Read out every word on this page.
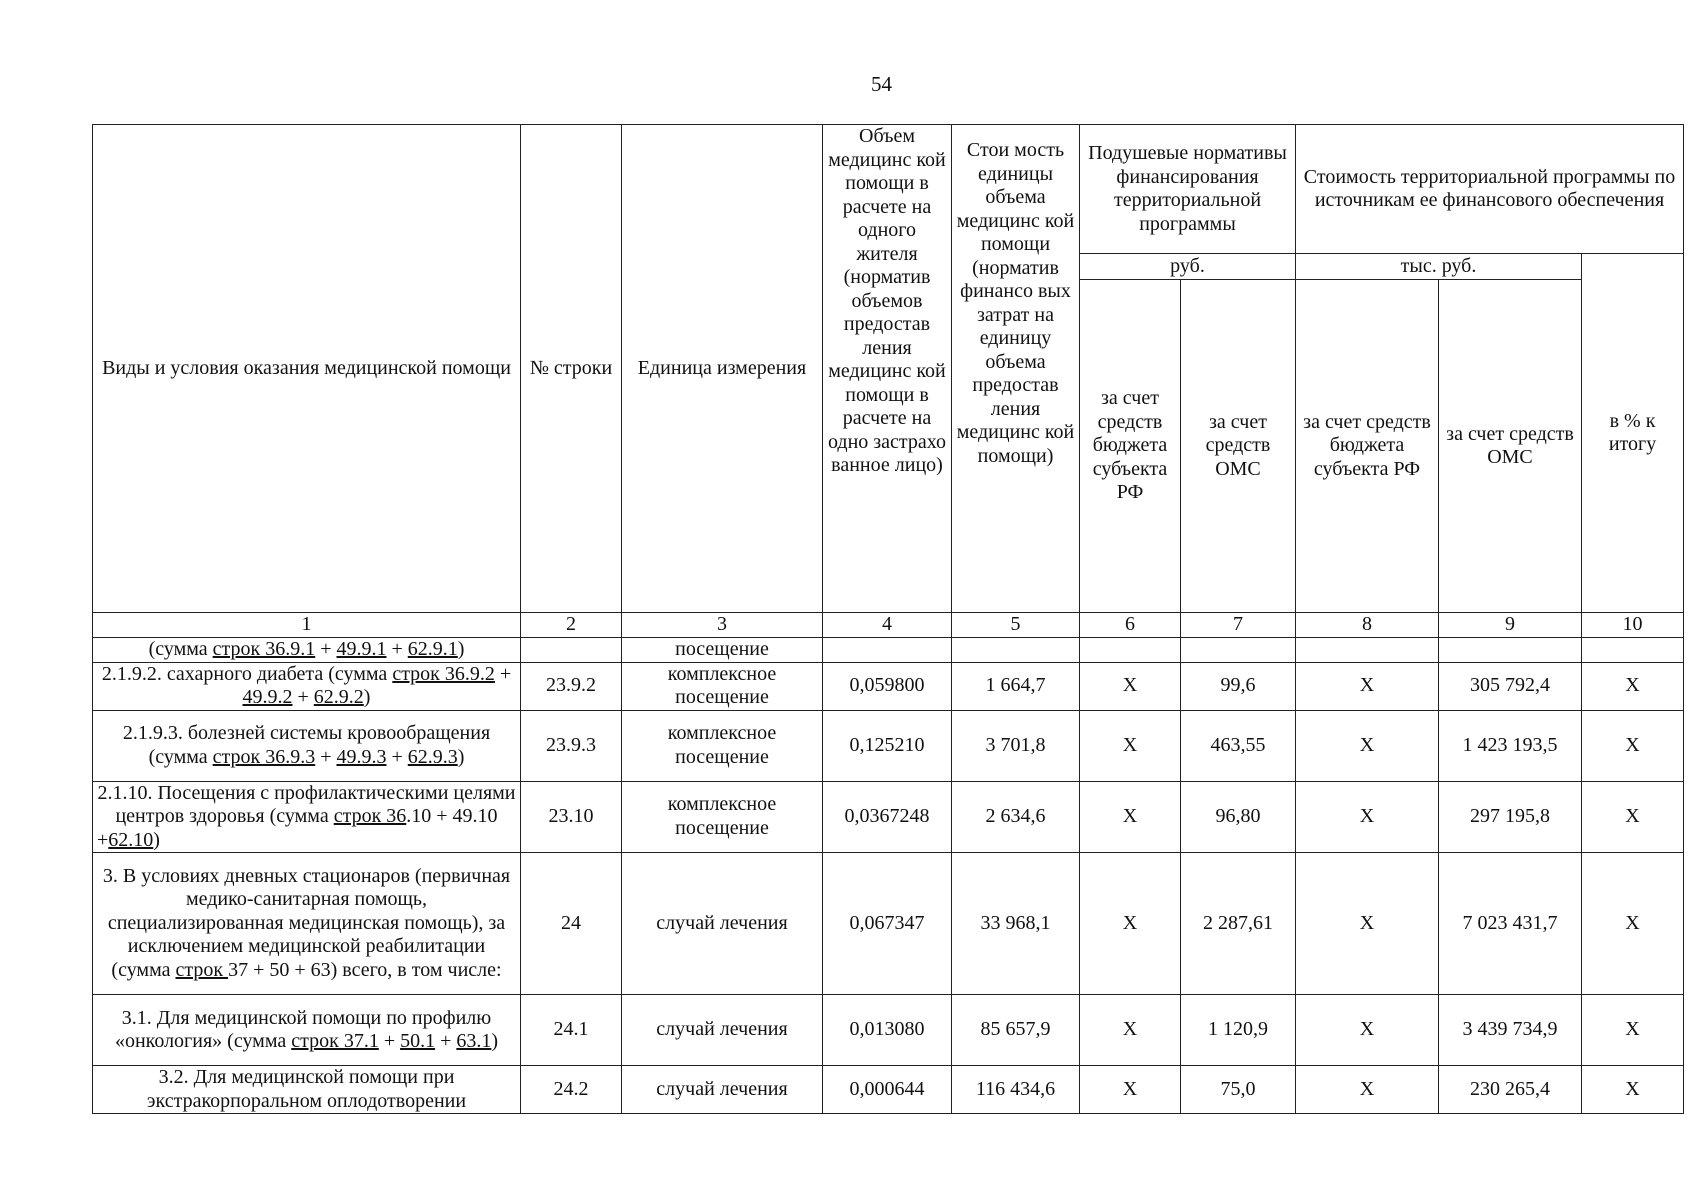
54
Виды и условия оказания медицинской помощи	№ строки	Единица измерения	Объем медицинс кой помощи в расчете на одного жителя (норматив объемов предостав ления медицинс кой помощи в расчете на одно застрахо ванное лицо)	Стои мость единицы объема медицинс кой помощи (норматив финансо вых затрат на единицу объема предостав ления медицинс кой помощи)	Подушевые нормативы финансирования территориальной программы		Стоимость территориальной программы по источникам ее финансового обеспечения		
					руб.		тыс. руб.		в % к итогу
					за счет средств бюджета субъекта РФ	за счет средств ОМС	за счет средств бюджета субъекта РФ	за счет средств ОМС	
1	2	3	4	5	6	7	8	9	10
(сумма строк 36.9.1 + 49.9.1 + 62.9.1)		посещение							
2.1.9.2. сахарного диабета (сумма строк 36.9.2 + 49.9.2 + 62.9.2)	23.9.2	комплексное посещение	0,059800	1 664,7	Х	99,6	Х	305 792,4	Х
2.1.9.3. болезней системы кровообращения (сумма строк 36.9.3 + 49.9.3 + 62.9.3)	23.9.3	комплексное посещение	0,125210	3 701,8	Х	463,55	Х	1 423 193,5	Х
2.1.10. Посещения с профилактическими целями центров здоровья (сумма строк 36.10 + 49.10 +62.10)	23.10	комплексное посещение	0,0367248	2 634,6	Х	96,80	Х	297 195,8	Х
3. В условиях дневных стационаров (первичная медико-санитарная помощь, специализированная медицинская помощь), за исключением медицинской реабилитации (сумма строк 37 + 50 + 63) всего, в том числе:	24	случай лечения	0,067347	33 968,1	Х	2 287,61	Х	7 023 431,7	Х
3.1. Для медицинской помощи по профилю «онкология» (сумма строк 37.1 + 50.1 + 63.1)	24.1	случай лечения	0,013080	85 657,9	Х	1 120,9	Х	3 439 734,9	Х
3.2. Для медицинской помощи при экстракорпоральном оплодотворении	24.2	случай лечения	0,000644	116 434,6	Х	75,0	Х	230 265,4	Х
